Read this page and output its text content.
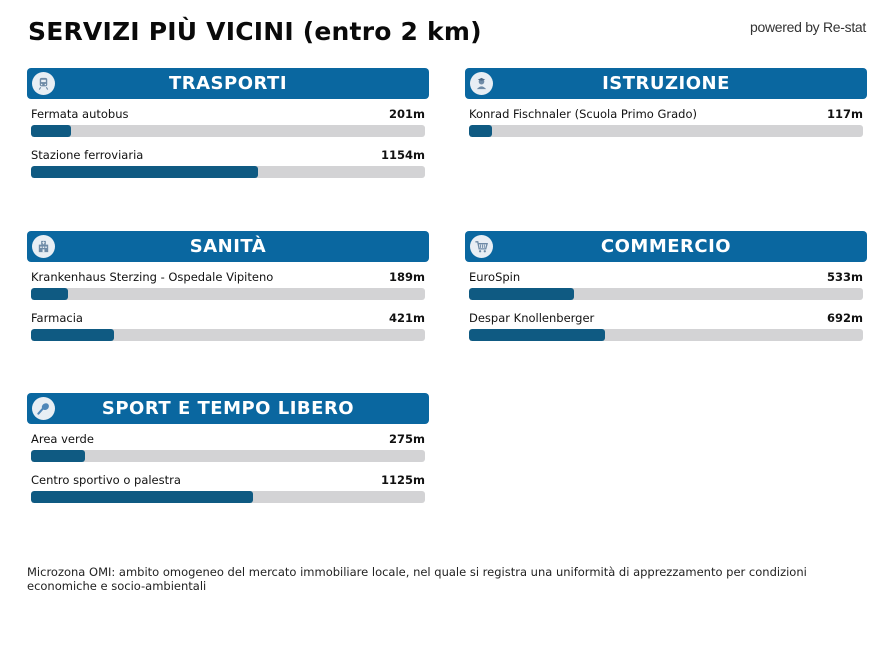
SERVIZI PIÙ VICINI (entro 2 km)	powered by Re-stat
TRASPORTI
Fermata autobus	201m
Stazione ferroviaria	1154m
ISTRUZIONE
Konrad Fischnaler (Scuola Primo Grado)	117m
SANITÀ
Krankenhaus Sterzing - Ospedale Vipiteno	189m
Farmacia	421m
COMMERCIO
EuroSpin	533m
Despar Knollenberger	692m
SPORT E TEMPO LIBERO
Area verde	275m
Centro sportivo o palestra	1125m
Microzona OMI: ambito omogeneo del mercato immobiliare locale, nel quale si registra una uniformità di apprezzamento per condizioni economiche e socio-ambientali
